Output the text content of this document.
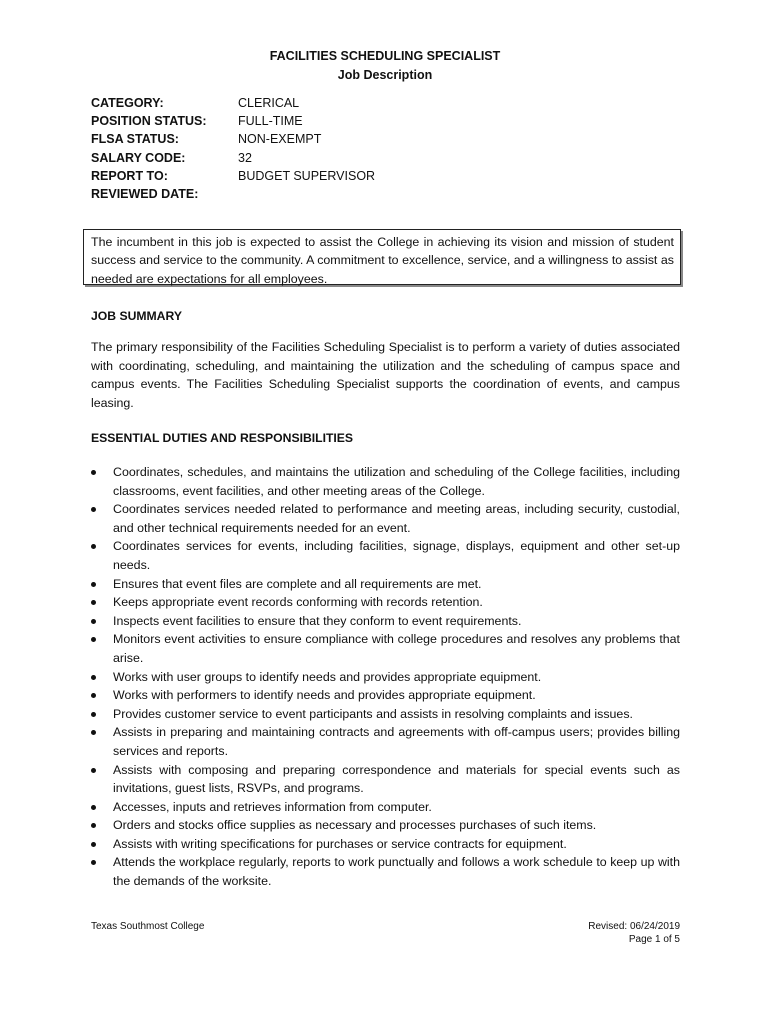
FACILITIES SCHEDULING SPECIALIST
Job Description
CATEGORY:	CLERICAL
POSITION STATUS:	FULL-TIME
FLSA STATUS:	NON-EXEMPT
SALARY CODE:	32
REPORT TO:	BUDGET SUPERVISOR
REVIEWED DATE:
The incumbent in this job is expected to assist the College in achieving its vision and mission of student success and service to the community. A commitment to excellence, service, and a willingness to assist as needed are expectations for all employees.
JOB SUMMARY
The primary responsibility of the Facilities Scheduling Specialist is to perform a variety of duties associated with coordinating, scheduling, and maintaining the utilization and the scheduling of campus space and campus events. The Facilities Scheduling Specialist supports the coordination of events, and campus leasing.
ESSENTIAL DUTIES AND RESPONSIBILITIES
Coordinates, schedules, and maintains the utilization and scheduling of the College facilities, including classrooms, event facilities, and other meeting areas of the College.
Coordinates services needed related to performance and meeting areas, including security, custodial, and other technical requirements needed for an event.
Coordinates services for events, including facilities, signage, displays, equipment and other set-up needs.
Ensures that event files are complete and all requirements are met.
Keeps appropriate event records conforming with records retention.
Inspects event facilities to ensure that they conform to event requirements.
Monitors event activities to ensure compliance with college procedures and resolves any problems that arise.
Works with user groups to identify needs and provides appropriate equipment.
Works with performers to identify needs and provides appropriate equipment.
Provides customer service to event participants and assists in resolving complaints and issues.
Assists in preparing and maintaining contracts and agreements with off-campus users; provides billing services and reports.
Assists with composing and preparing correspondence and materials for special events such as invitations, guest lists, RSVPs, and programs.
Accesses, inputs and retrieves information from computer.
Orders and stocks office supplies as necessary and processes purchases of such items.
Assists with writing specifications for purchases or service contracts for equipment.
Attends the workplace regularly, reports to work punctually and follows a work schedule to keep up with the demands of the worksite.
Texas Southmost College	Revised: 06/24/2019
Page 1 of 5
